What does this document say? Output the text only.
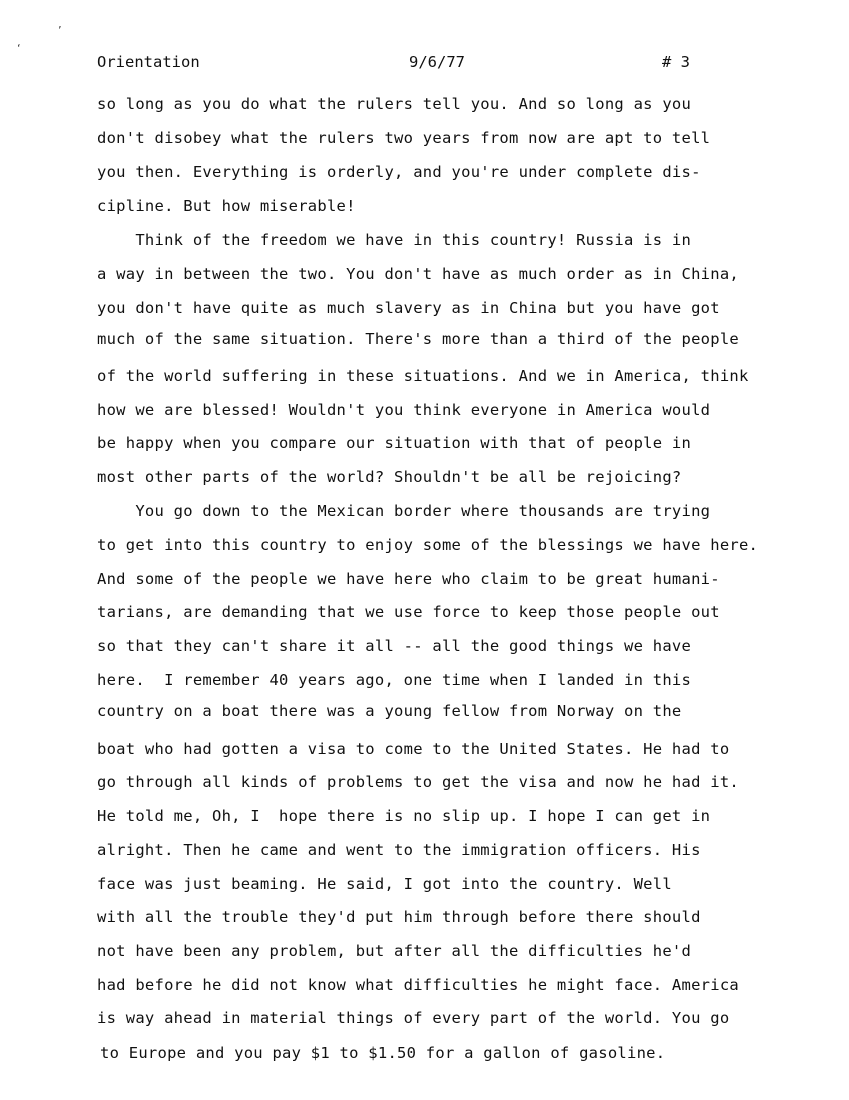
‘
’
Orientation	9/6/77	# 3
so long as you do what the rulers tell you. And so long as you
don't disobey what the rulers two years from now are apt to tell
you then. Everything is orderly, and you're under complete dis-
cipline. But how miserable!
Think of the freedom we have in this country! Russia is in
a way in between the two. You don't have as much order as in China,
you don't have quite as much slavery as in China but you have got
much of the same situation. There's more than a third of the people
of the world suffering in these situations. And we in America, think
how we are blessed! Wouldn't you think everyone in America would
be happy when you compare our situation with that of people in
most other parts of the world? Shouldn't be all be rejoicing?
You go down to the Mexican border where thousands are trying
to get into this country to enjoy some of the blessings we have here.
And some of the people we have here who claim to be great humani-
tarians, are demanding that we use force to keep those people out
so that they can't share it all -- all the good things we have
here.  I remember 40 years ago, one time when I landed in this
country on a boat there was a young fellow from Norway on the
boat who had gotten a visa to come to the United States. He had to
go through all kinds of problems to get the visa and now he had it.
He told me, Oh, I  hope there is no slip up. I hope I can get in
alright. Then he came and went to the immigration officers. His
face was just beaming. He said, I got into the country. Well
with all the trouble they'd put him through before there should
not have been any problem, but after all the difficulties he'd
had before he did not know what difficulties he might face. America
is way ahead in material things of every part of the world. You go
to Europe and you pay $1 to $1.50 for a gallon of gasoline.
